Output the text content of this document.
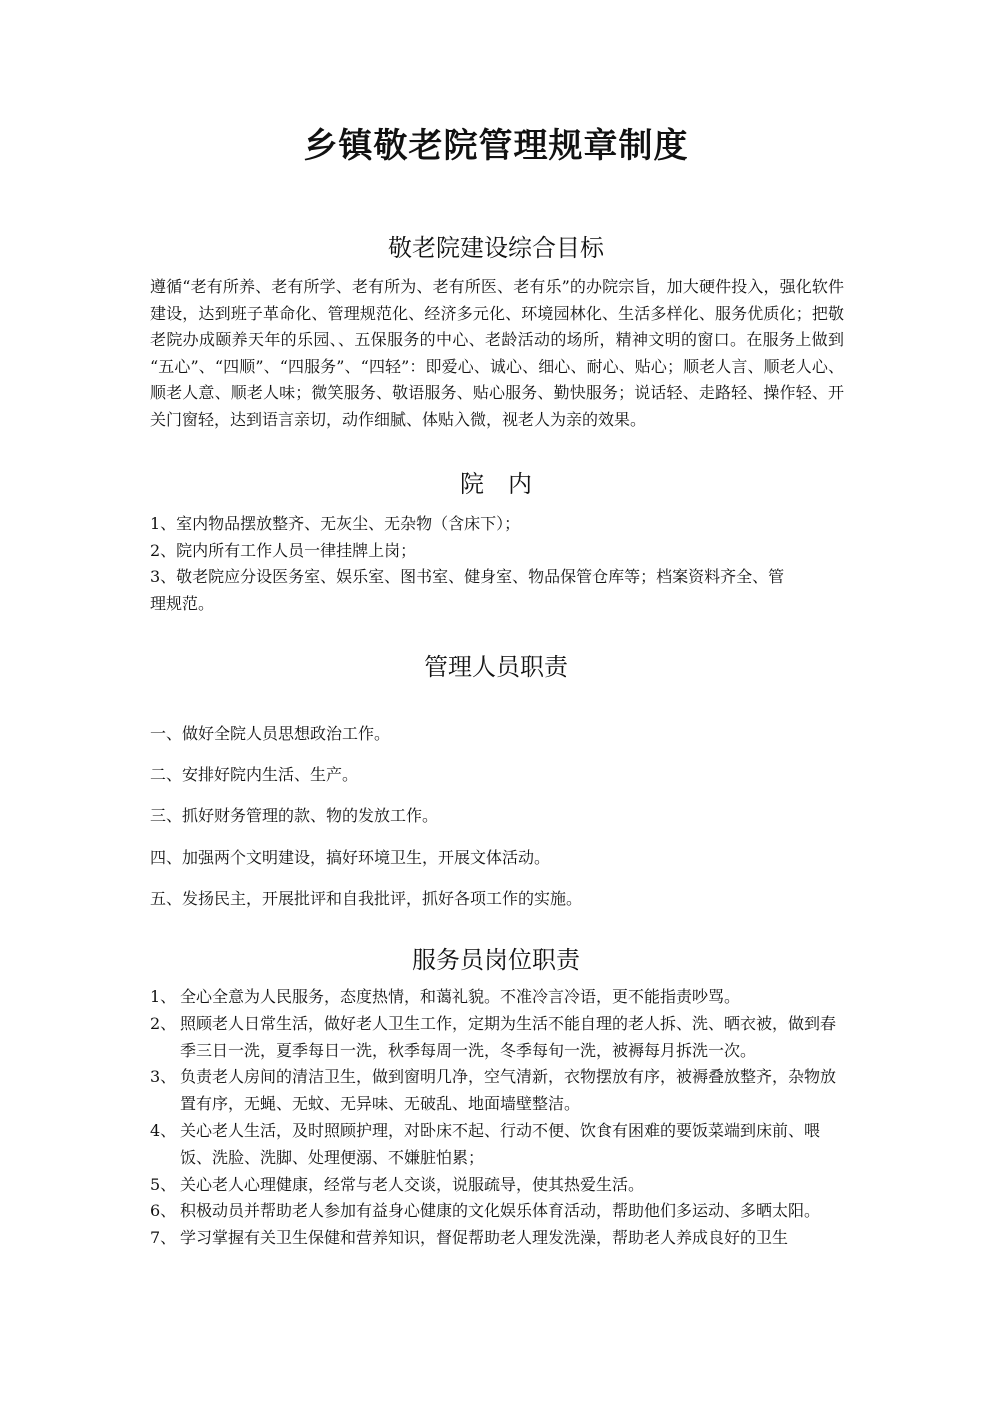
乡镇敬老院管理规章制度
敬老院建设综合目标
遵循“老有所养、老有所学、老有所为、老有所医、老有乐”的办院宗旨，加大硬件投入，强化软件建设，达到班子革命化、管理规范化、经济多元化、环境园林化、生活多样化、服务优质化；把敬老院办成颐养天年的乐园、、五保服务的中心、老龄活动的场所，精神文明的窗口。在服务上做到 “五心”、“四顺”、“四服务”、“四轻”：即爱心、诚心、细心、耐心、贴心；顺老人言、顺老人心、顺老人意、顺老人味；微笑服务、敬语服务、贴心服务、勤快服务；说话轻、走路轻、操作轻、开关门窗轻，达到语言亲切，动作细腻、体贴入微，视老人为亲的效果。
院　内
1、室内物品摆放整齐、无灰尘、无杂物（含床下）；
2、院内所有工作人员一律挂牌上岗；
3、敬老院应分设医务室、娱乐室、图书室、健身室、物品保管仓库等；档案资料齐全、管
理规范。
管理人员职责
一、做好全院人员思想政治工作。
二、安排好院内生活、生产。
三、抓好财务管理的款、物的发放工作。
四、加强两个文明建设，搞好环境卫生，开展文体活动。
五、发扬民主，开展批评和自我批评，抓好各项工作的实施。
服务员岗位职责
1、 全心全意为人民服务，态度热情，和蔼礼貌。不准冷言冷语，更不能指责吵骂。
2、 照顾老人日常生活，做好老人卫生工作，定期为生活不能自理的老人拆、洗、晒衣被，做到春季三日一洗，夏季每日一洗，秋季每周一洗，冬季每旬一洗，被褥每月拆洗一次。
3、 负责老人房间的清洁卫生，做到窗明几净，空气清新，衣物摆放有序，被褥叠放整齐，杂物放置有序，无蝇、无蚊、无异味、无破乱、地面墙壁整洁。
4、 关心老人生活，及时照顾护理，对卧床不起、行动不便、饮食有困难的要饭菜端到床前、喂饭、洗脸、洗脚、处理便溺、不嫌脏怕累；
5、 关心老人心理健康，经常与老人交谈，说服疏导，使其热爱生活。
6、 积极动员并帮助老人参加有益身心健康的文化娱乐体育活动，帮助他们多运动、多晒太阳。
7、 学习掌握有关卫生保健和营养知识，督促帮助老人理发洗澡，帮助老人养成良好的卫生
